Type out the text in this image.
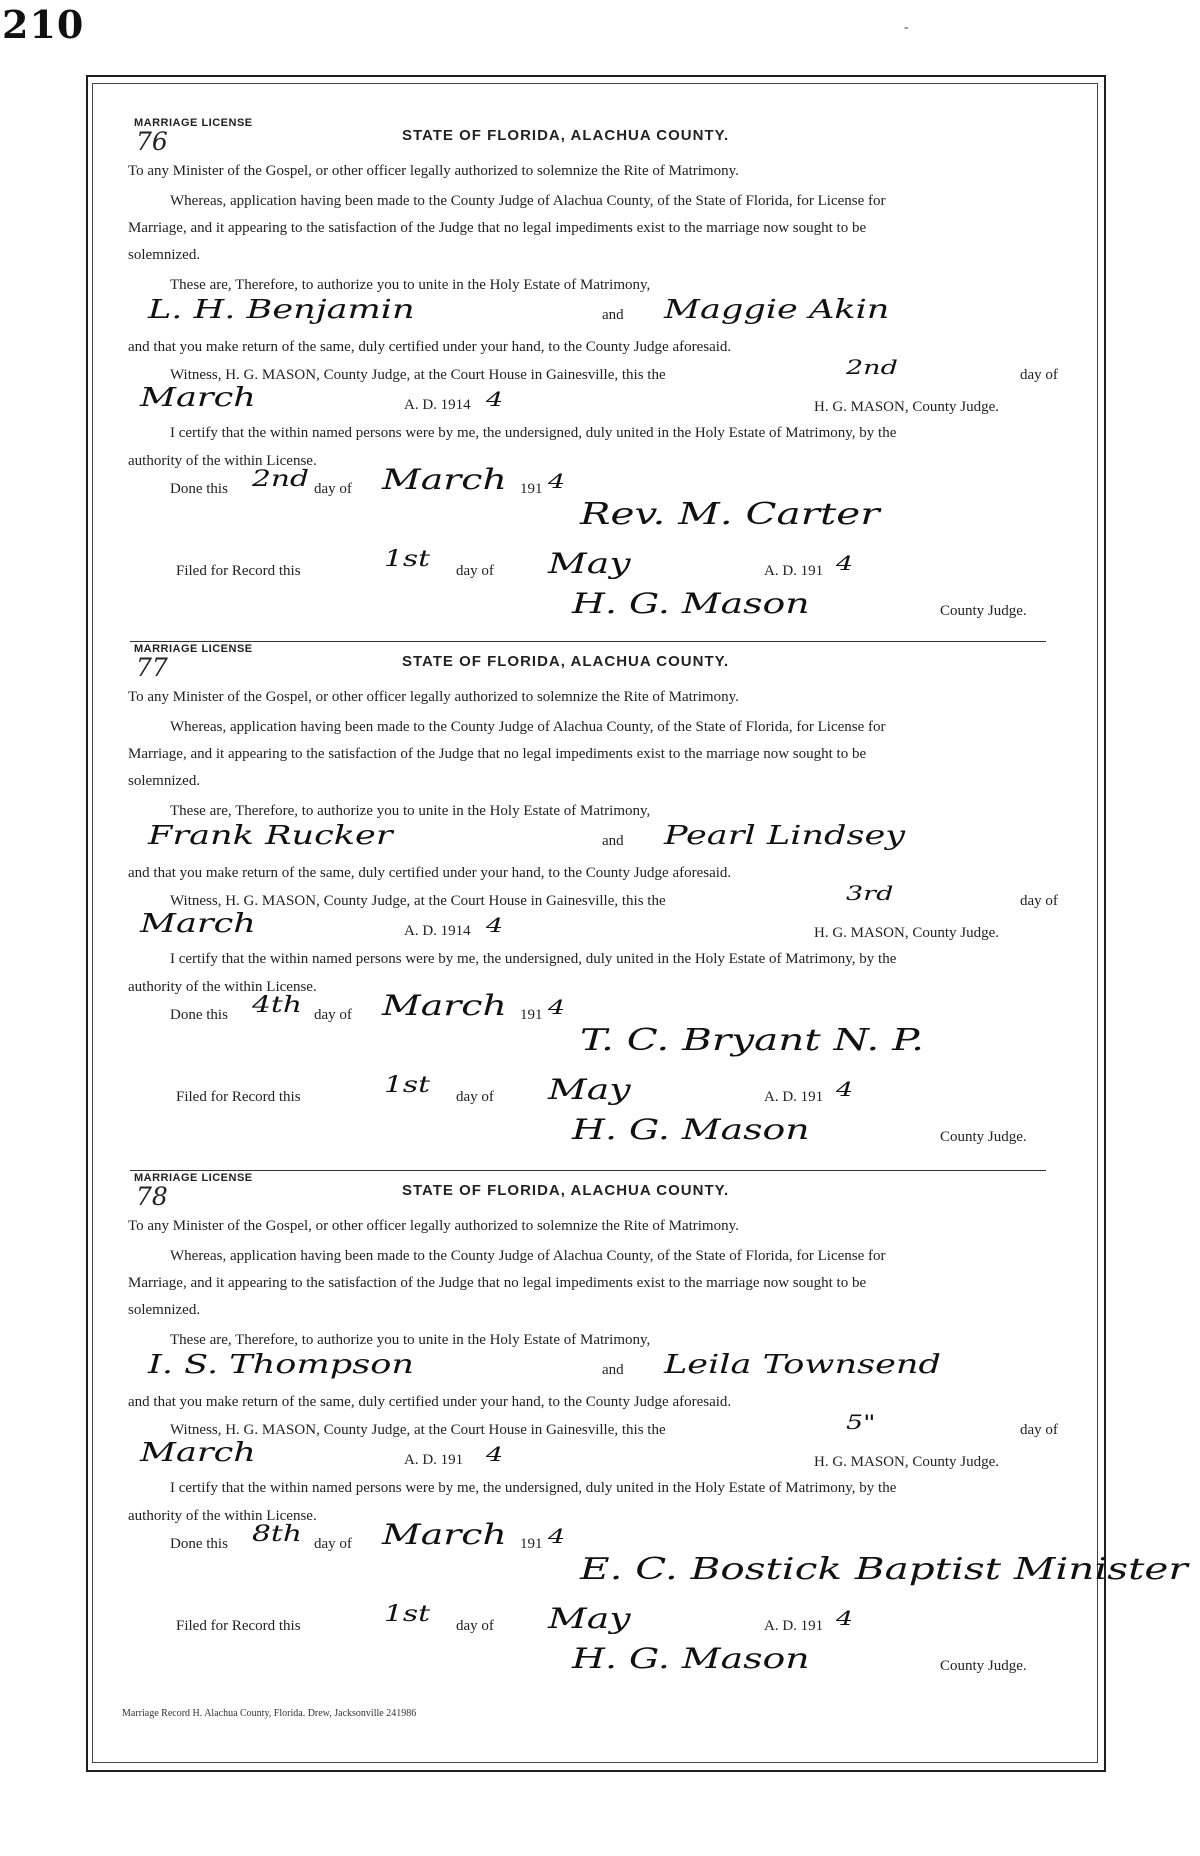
210	-
MARRIAGE LICENSE
76	STATE OF FLORIDA, ALACHUA COUNTY.
To any Minister of the Gospel, or other officer legally authorized to solemnize the Rite of Matrimony.
Whereas, application having been made to the County Judge of Alachua County, of the State of Florida, for License for
Marriage, and it appearing to the satisfaction of the Judge that no legal impediments exist to the marriage now sought to be
solemnized.
These are, Therefore, to authorize you to unite in the Holy Estate of Matrimony,
L. H. Benjamin	and Maggie Akin
and that you make return of the same, duly certified under your hand, to the County Judge aforesaid.
Witness, H. G. MASON, County Judge, at the Court House in Gainesville, this the	2nd	day of
March	A. D. 1914 4	H. G. MASON, County Judge.
I certify that the within named persons were by me, the undersigned, duly united in the Holy Estate of Matrimony, by the
authority of the within License.
Done this 2nd day of March 191 4
Rev. M. Carter
Filed for Record this	1st day of May	A. D. 191 4
H. G. Mason	County Judge.
MARRIAGE LICENSE
77	STATE OF FLORIDA, ALACHUA COUNTY.
To any Minister of the Gospel, or other officer legally authorized to solemnize the Rite of Matrimony.
Whereas, application having been made to the County Judge of Alachua County, of the State of Florida, for License for
Marriage, and it appearing to the satisfaction of the Judge that no legal impediments exist to the marriage now sought to be
solemnized.
These are, Therefore, to authorize you to unite in the Holy Estate of Matrimony,
Frank Rucker	and Pearl Lindsey
and that you make return of the same, duly certified under your hand, to the County Judge aforesaid.
Witness, H. G. MASON, County Judge, at the Court House in Gainesville, this the	3rd	day of
March	A. D. 1914 4	H. G. MASON, County Judge.
I certify that the within named persons were by me, the undersigned, duly united in the Holy Estate of Matrimony, by the
authority of the within License.
Done this 4th day of March 191 4
T. C. Bryant N. P.
Filed for Record this	1st day of May	A. D. 191 4
H. G. Mason	County Judge.
MARRIAGE LICENSE
78	STATE OF FLORIDA, ALACHUA COUNTY.
To any Minister of the Gospel, or other officer legally authorized to solemnize the Rite of Matrimony.
Whereas, application having been made to the County Judge of Alachua County, of the State of Florida, for License for
Marriage, and it appearing to the satisfaction of the Judge that no legal impediments exist to the marriage now sought to be
solemnized.
These are, Therefore, to authorize you to unite in the Holy Estate of Matrimony,
I. S. Thompson	and Leila Townsend
and that you make return of the same, duly certified under your hand, to the County Judge aforesaid.
Witness, H. G. MASON, County Judge, at the Court House in Gainesville, this the	5"	day of
March	A. D. 191 4	H. G. MASON, County Judge.
I certify that the within named persons were by me, the undersigned, duly united in the Holy Estate of Matrimony, by the
authority of the within License.
Done this 8th day of March 191 4
E. C. Bostick Baptist Minister
Filed for Record this	1st day of May	A. D. 191 4
H. G. Mason	County Judge.
Marriage Record H. Alachua County, Florida. Drew, Jacksonville 241986
